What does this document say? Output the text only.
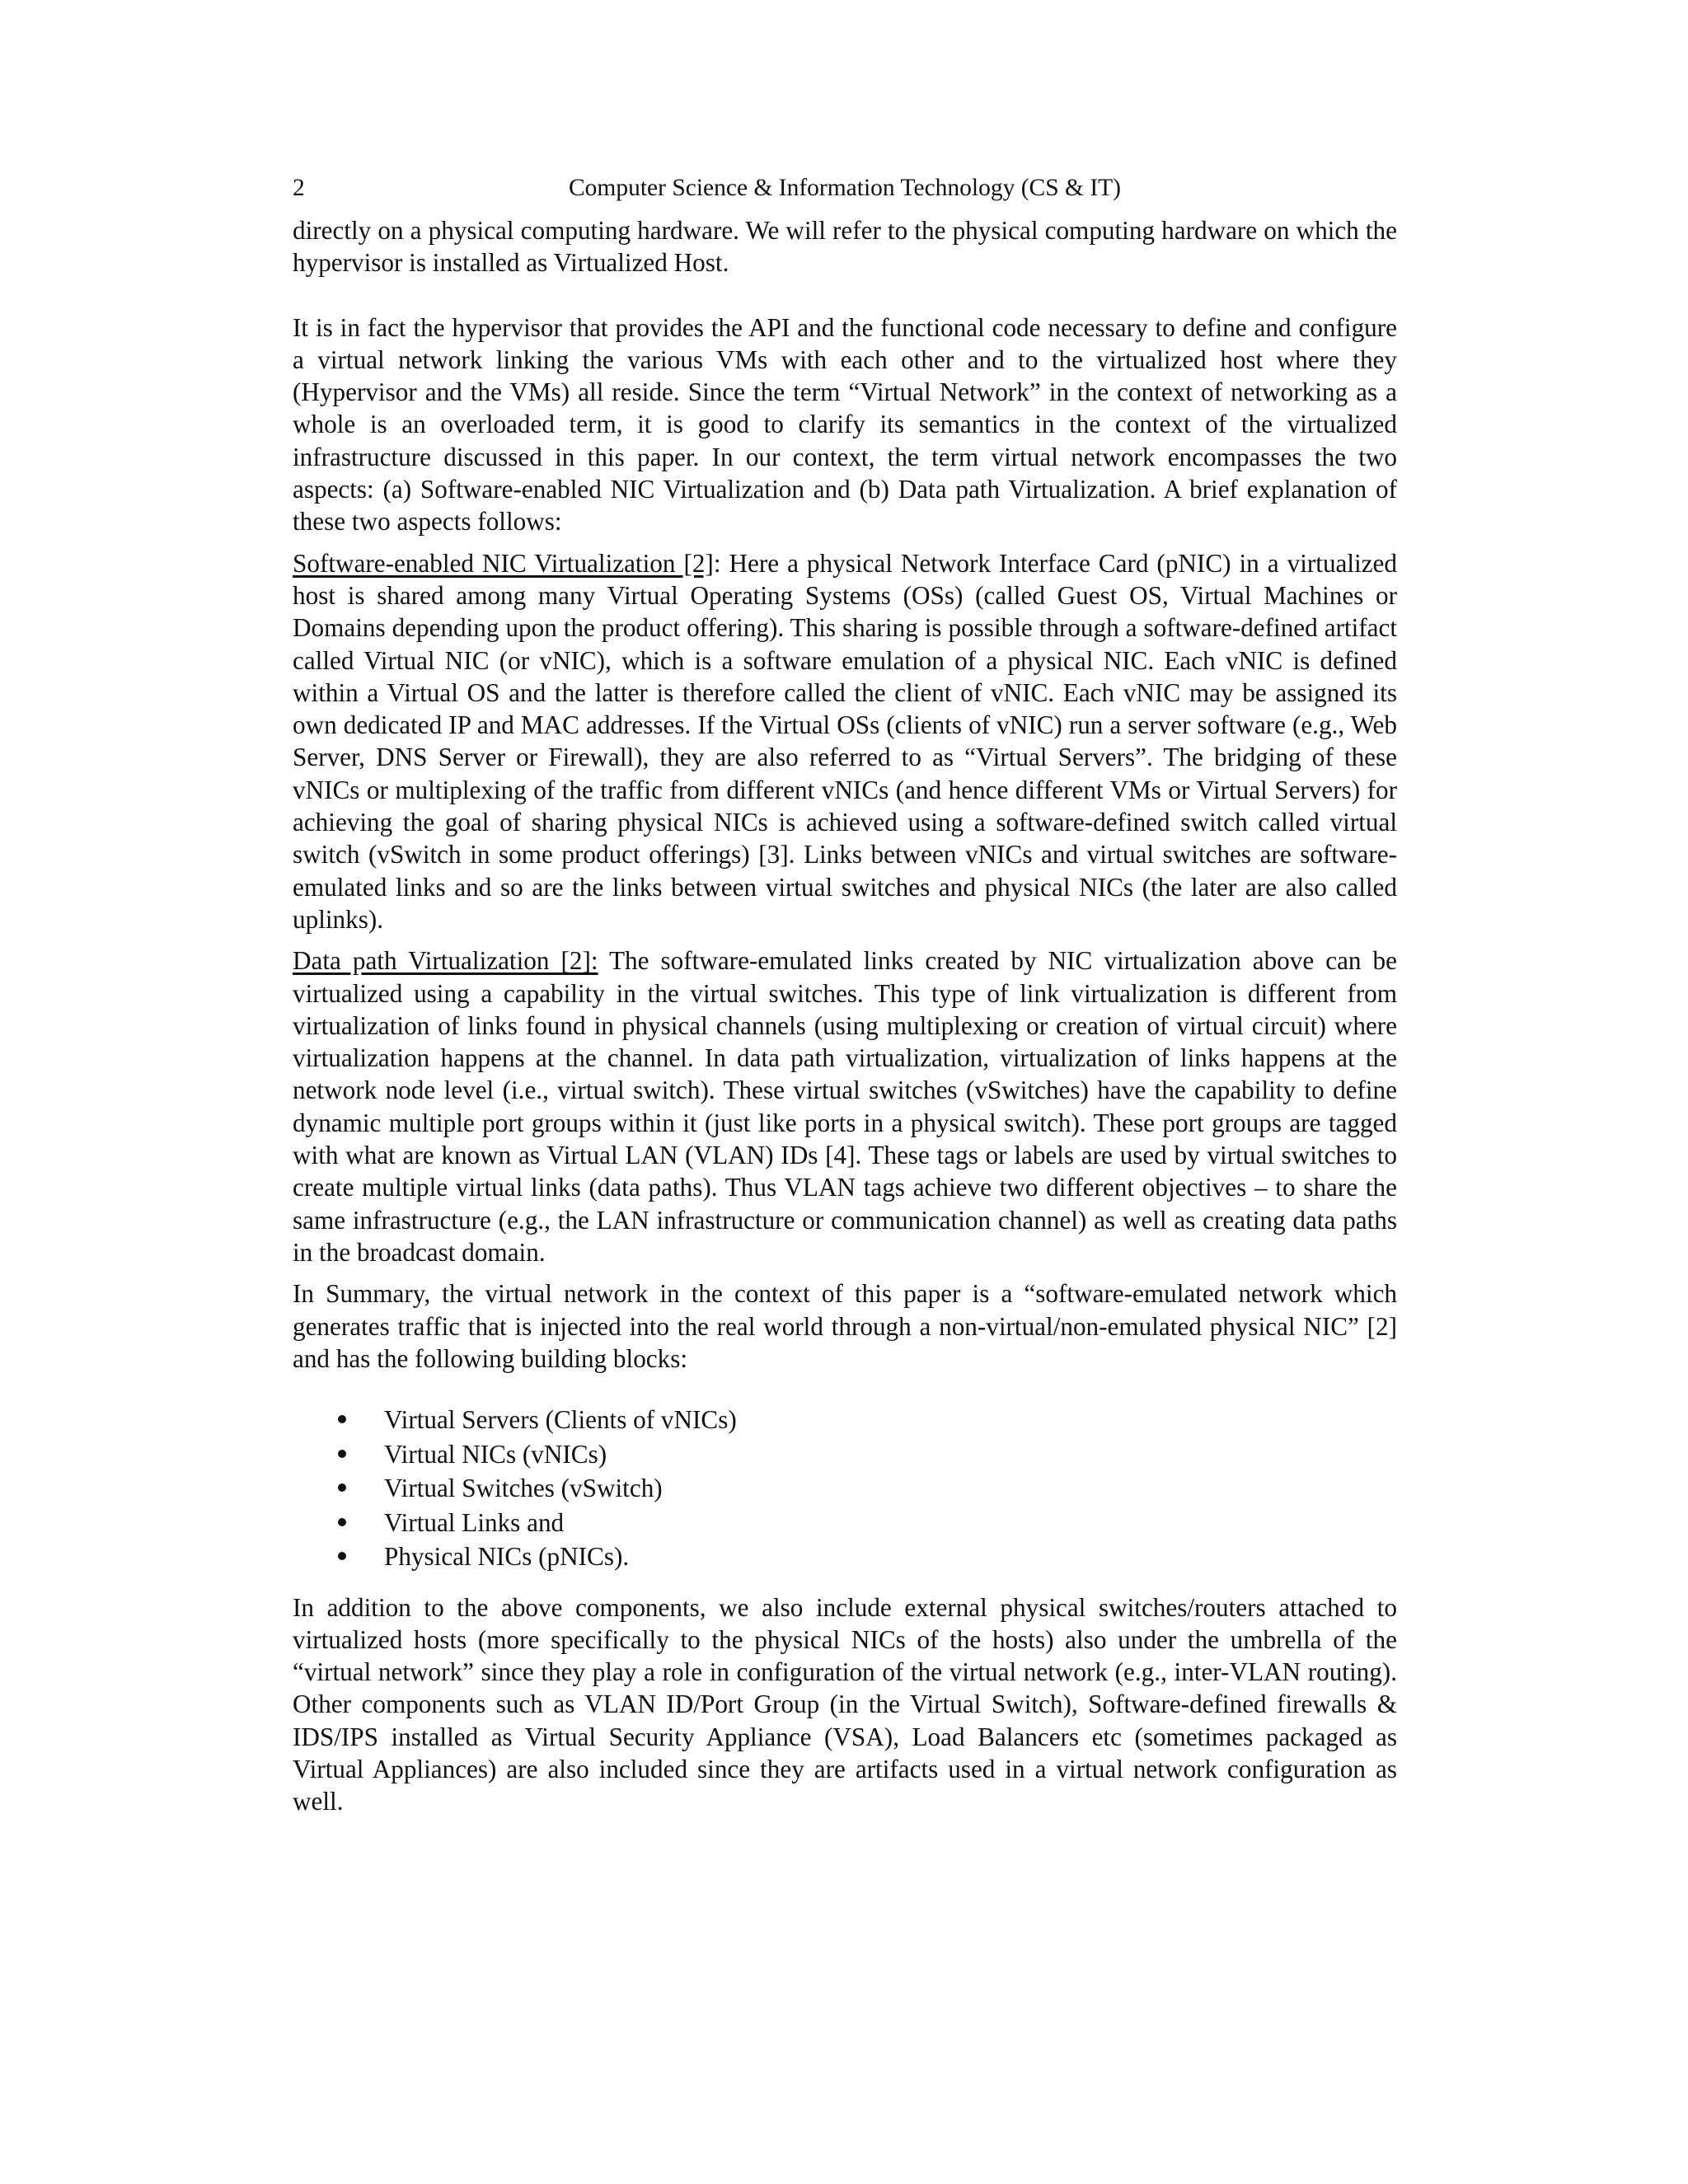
2	Computer Science & Information Technology (CS & IT)

directly on a physical computing hardware. We will refer to the physical computing hardware on which the hypervisor is installed as Virtualized Host.

It is in fact the hypervisor that provides the API and the functional code necessary to define and configure a virtual network linking the various VMs with each other and to the virtualized host where they (Hypervisor and the VMs) all reside. Since the term “Virtual Network” in the context of networking as a whole is an overloaded term, it is good to clarify its semantics in the context of the virtualized infrastructure discussed in this paper. In our context, the term virtual network encompasses the two aspects: (a) Software-enabled NIC Virtualization and (b) Data path Virtualization. A brief explanation of these two aspects follows:

Software-enabled NIC Virtualization [2]: Here a physical Network Interface Card (pNIC) in a virtualized host is shared among many Virtual Operating Systems (OSs) (called Guest OS, Virtual Machines or Domains depending upon the product offering). This sharing is possible through a software-defined artifact called Virtual NIC (or vNIC), which is a software emulation of a physical NIC. Each vNIC is defined within a Virtual OS and the latter is therefore called the client of vNIC. Each vNIC may be assigned its own dedicated IP and MAC addresses. If the Virtual OSs (clients of vNIC) run a server software (e.g., Web Server, DNS Server or Firewall), they are also referred to as “Virtual Servers”. The bridging of these vNICs or multiplexing of the traffic from different vNICs (and hence different VMs or Virtual Servers) for achieving the goal of sharing physical NICs is achieved using a software-defined switch called virtual switch (vSwitch in some product offerings) [3]. Links between vNICs and virtual switches are software-emulated links and so are the links between virtual switches and physical NICs (the later are also called uplinks).

Data path Virtualization [2]: The software-emulated links created by NIC virtualization above can be virtualized using a capability in the virtual switches. This type of link virtualization is different from virtualization of links found in physical channels (using multiplexing or creation of virtual circuit) where virtualization happens at the channel. In data path virtualization, virtualization of links happens at the network node level (i.e., virtual switch). These virtual switches (vSwitches) have the capability to define dynamic multiple port groups within it (just like ports in a physical switch). These port groups are tagged with what are known as Virtual LAN (VLAN) IDs [4]. These tags or labels are used by virtual switches to create multiple virtual links (data paths). Thus VLAN tags achieve two different objectives – to share the same infrastructure (e.g., the LAN infrastructure or communication channel) as well as creating data paths in the broadcast domain.

In Summary, the virtual network in the context of this paper is a “software-emulated network which generates traffic that is injected into the real world through a non-virtual/non-emulated physical NIC” [2] and has the following building blocks:

Virtual Servers (Clients of vNICs)
Virtual NICs (vNICs)
Virtual Switches (vSwitch)
Virtual Links and
Physical NICs (pNICs).

In addition to the above components, we also include external physical switches/routers attached to virtualized hosts (more specifically to the physical NICs of the hosts) also under the umbrella of the “virtual network” since they play a role in configuration of the virtual network (e.g., inter-VLAN routing). Other components such as VLAN ID/Port Group (in the Virtual Switch), Software-defined firewalls & IDS/IPS installed as Virtual Security Appliance (VSA), Load Balancers etc (sometimes packaged as Virtual Appliances) are also included since they are artifacts used in a virtual network configuration as well.
